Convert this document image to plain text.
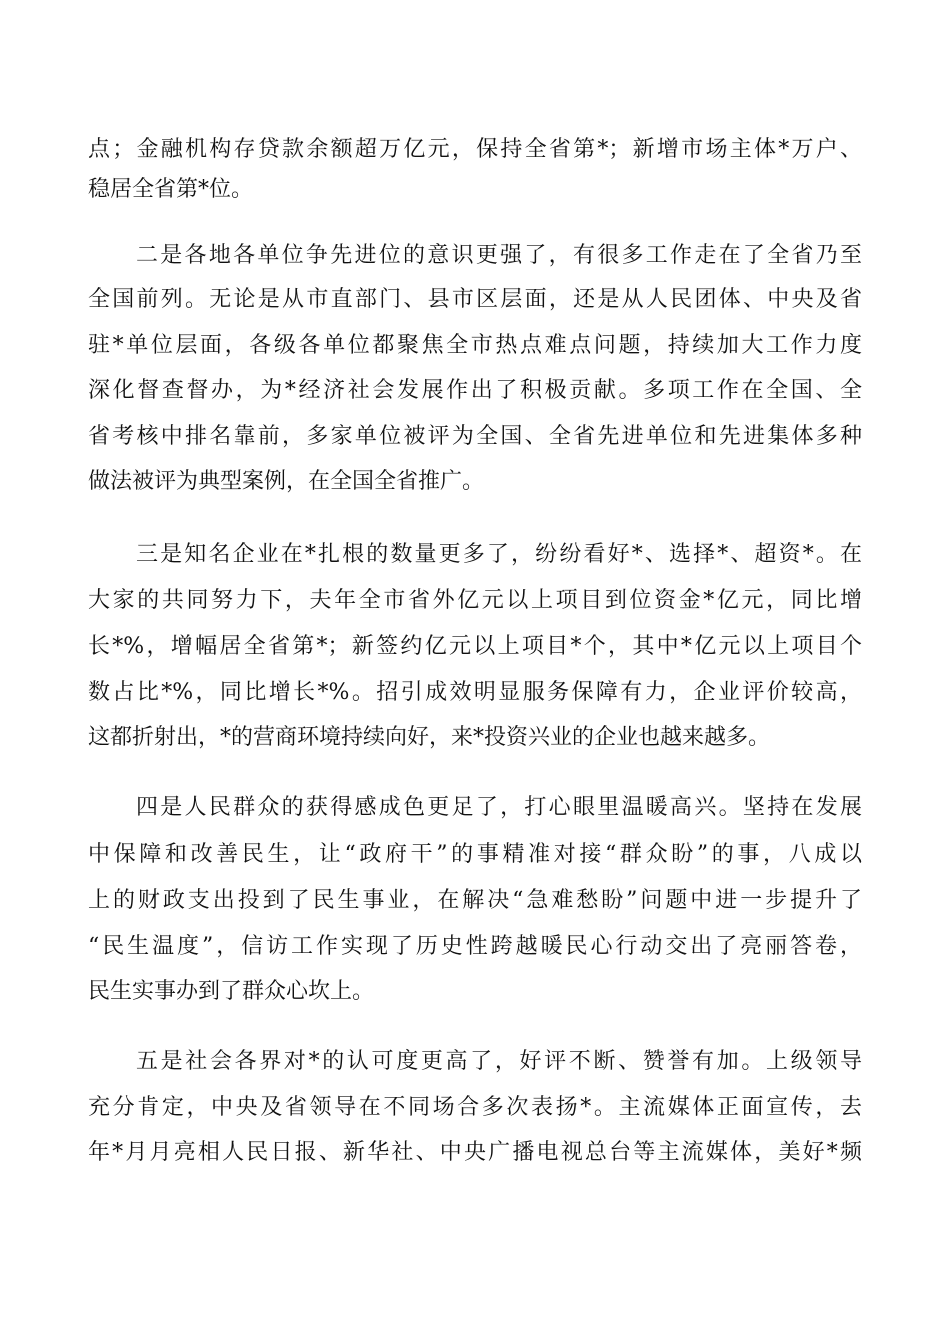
点；金融机构存贷款余额超万亿元，保持全省第*；新增市场主体*万户、
稳居全省第*位。
二是各地各单位争先进位的意识更强了，有很多工作走在了全省乃至
全国前列。无论是从市直部门、县市区层面，还是从人民团体、中央及省
驻*单位层面，各级各单位都聚焦全市热点难点问题，持续加大工作力度
深化督查督办，为*经济社会发展作出了积极贡献。多项工作在全国、全
省考核中排名靠前，多家单位被评为全国、全省先进单位和先进集体多种
做法被评为典型案例，在全国全省推广。
三是知名企业在*扎根的数量更多了，纷纷看好*、选择*、超资*。在
大家的共同努力下，夫年全市省外亿元以上项目到位资金*亿元，同比增
长*%，增幅居全省第*；新签约亿元以上项目*个，其中*亿元以上项目个
数占比*%，同比增长*%。招引成效明显服务保障有力，企业评价较高，
这都折射出，*的营商环境持续向好，来*投资兴业的企业也越来越多。
四是人民群众的获得感成色更足了，打心眼里温暖高兴。坚持在发展
中保障和改善民生，让“政府干”的事精准对接“群众盼”的事，八成以
上的财政支出投到了民生事业，在解决“急难愁盼”问题中进一步提升了
“民生温度”，信访工作实现了历史性跨越暖民心行动交出了亮丽答卷，
民生实事办到了群众心坎上。
五是社会各界对*的认可度更高了，好评不断、赞誉有加。上级领导
充分肯定，中央及省领导在不同场合多次表扬*。主流媒体正面宣传，去
年*月月亮相人民日报、新华社、中央广播电视总台等主流媒体，美好*频
